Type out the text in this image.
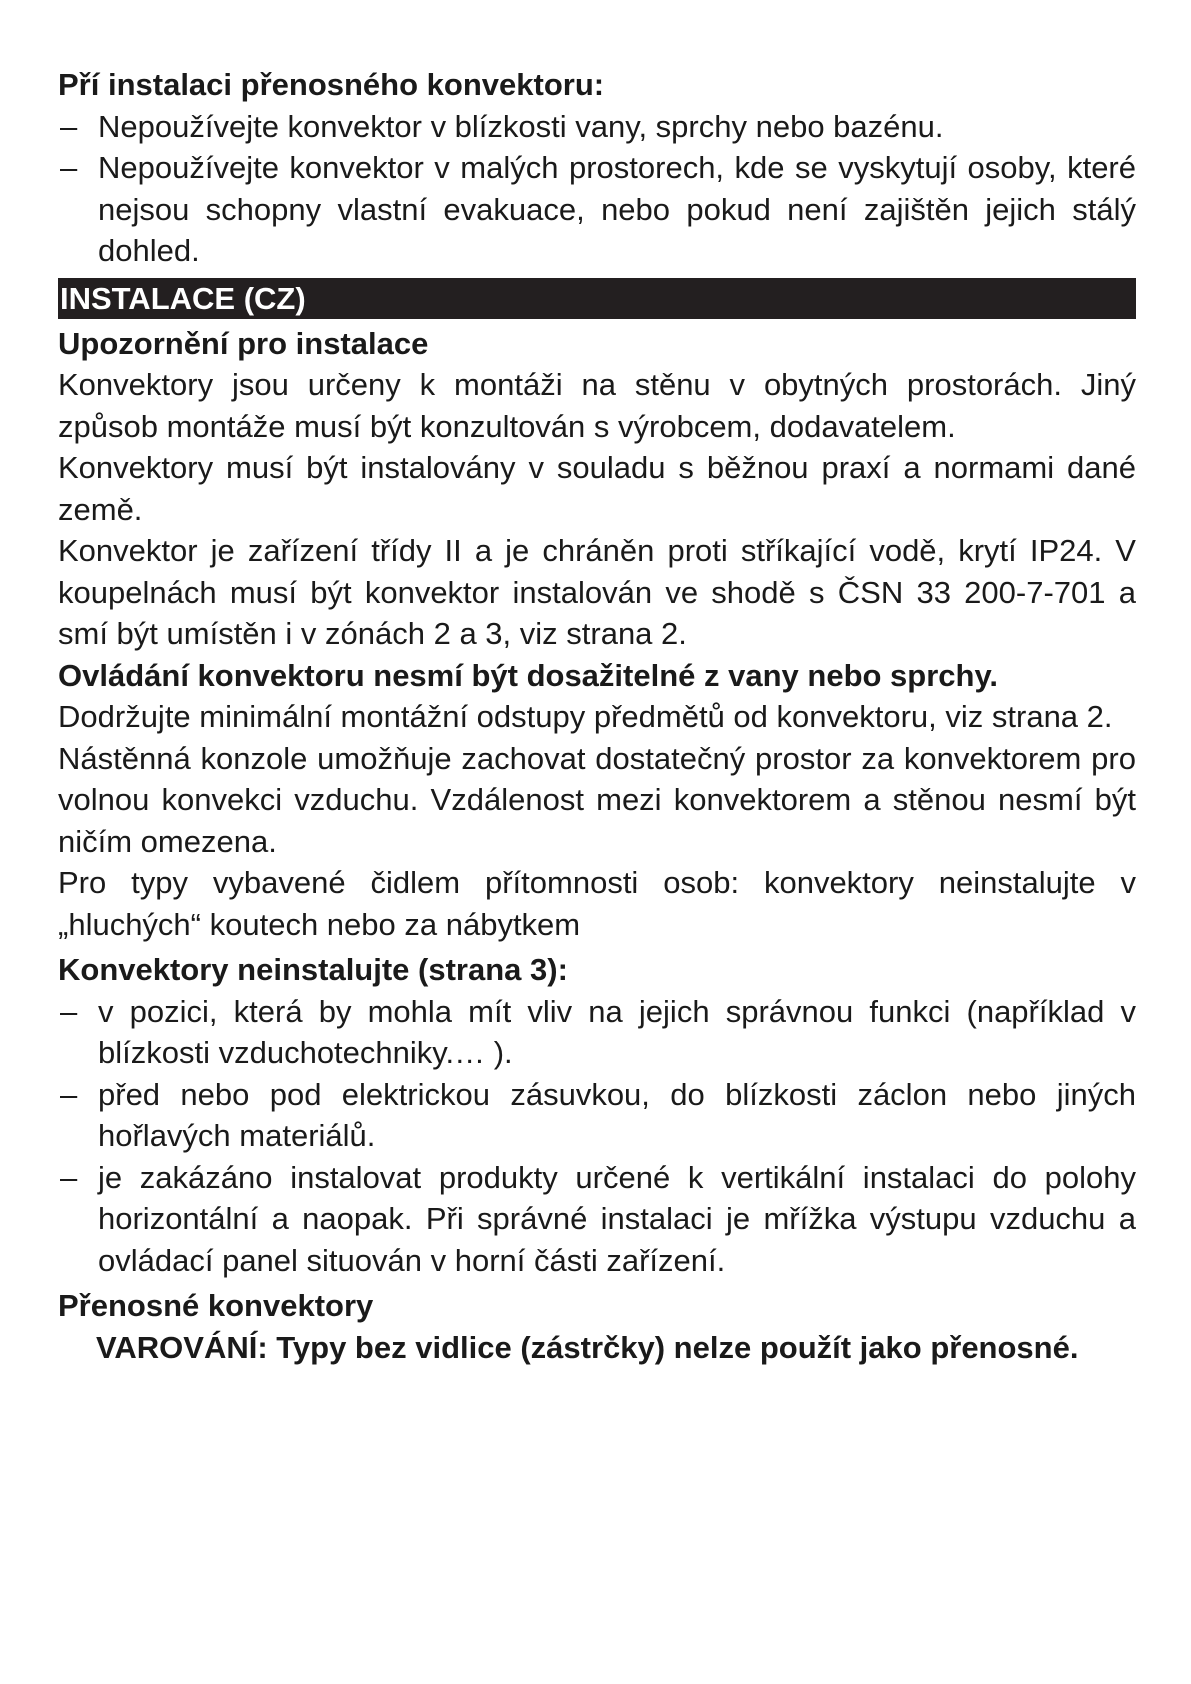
Pří instalaci přenosného konvektoru:

– Nepoužívejte konvektor v blízkosti vany, sprchy nebo bazénu.
– Nepoužívejte konvektor v malých prostorech, kde se vyskytují osoby, které nejsou schopny vlastní evakuace, nebo pokud není zajištěn jejich stálý dohled.
INSTALACE (CZ)

Upozornění pro instalace

Konvektory jsou určeny k montáži na stěnu v obytných prostorách. Jiný způsob montáže musí být konzultován s výrobcem, dodavatelem.

Konvektory musí být instalovány v souladu s běžnou praxí a normami dané země.

Konvektor je zařízení třídy II a je chráněn proti stříkající vodě, krytí IP24. V koupelnách musí být konvektor instalován ve shodě s ČSN 33 200-7-701 a smí být umístěn i v zónách 2 a 3, viz strana 2.

Ovládání konvektoru nesmí být dosažitelné z vany nebo sprchy.

Dodržujte minimální montážní odstupy předmětů od konvektoru, viz strana 2.

Nástěnná konzole umožňuje zachovat dostatečný prostor za konvektorem pro volnou konvekci vzduchu. Vzdálenost mezi konvektorem a stěnou nesmí být ničím omezena.

Pro typy vybavené čidlem přítomnosti osob: konvektory neinstalujte v „hluchých“ koutech nebo za nábytkem

Konvektory neinstalujte (strana 3):

– v pozici, která by mohla mít vliv na jejich správnou funkci (například v blízkosti vzduchotechniky.… ).
– před nebo pod elektrickou zásuvkou, do blízkosti záclon nebo jiných hořlavých materiálů.
– je zakázáno instalovat produkty určené k vertikální instalaci do polohy horizontální a naopak. Při správné instalaci je mřížka výstupu vzduchu a ovládací panel situován v horní části zařízení.

Přenosné konvektory

VAROVÁNÍ: Typy bez vidlice (zástrčky) nelze použít jako přenosné.
